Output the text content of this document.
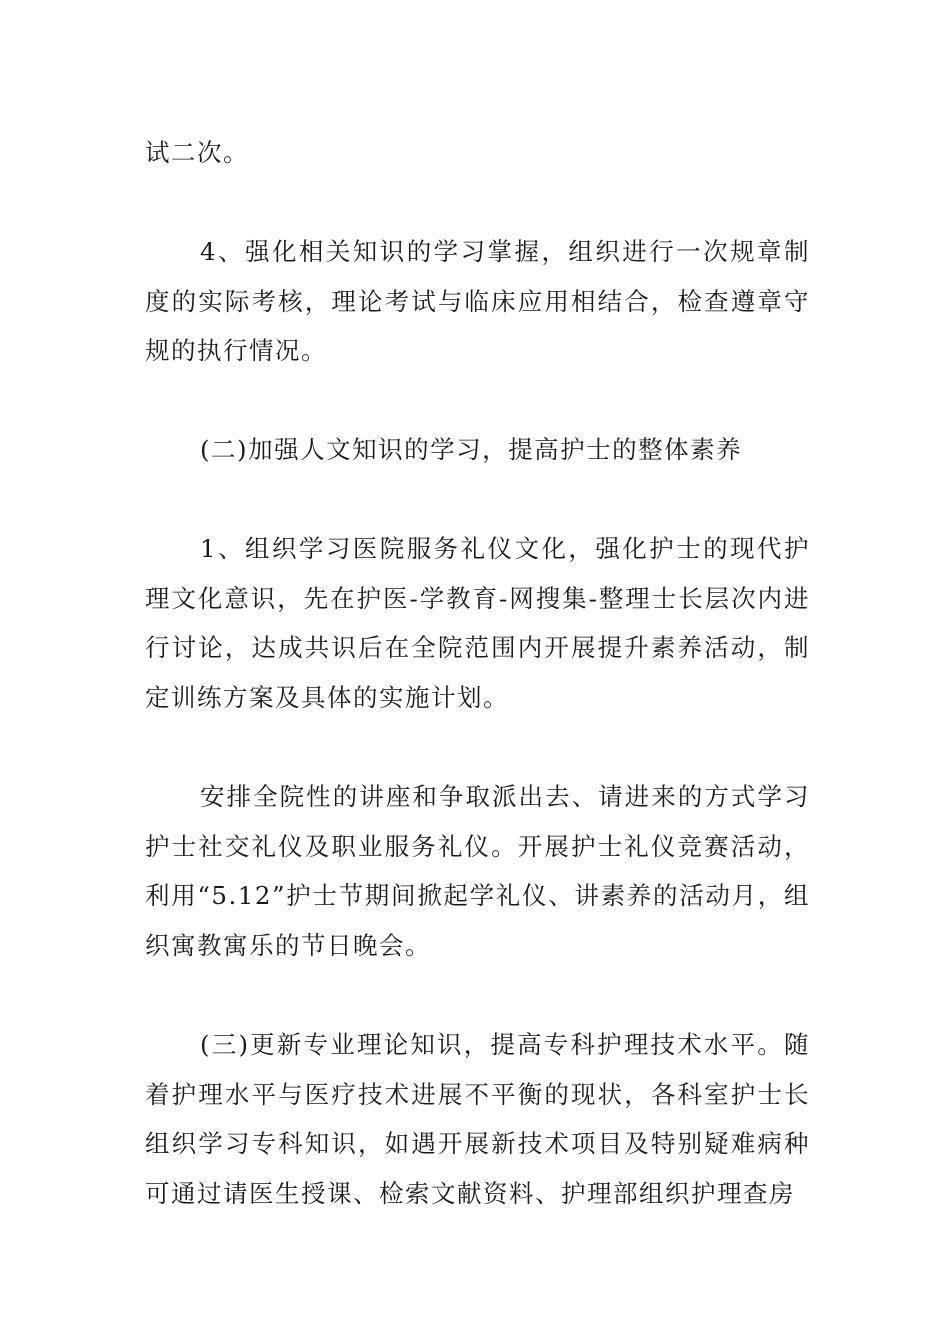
试二次。

4、强化相关知识的学习掌握，组织进行一次规章制度的实际考核，理论考试与临床应用相结合，检查遵章守规的执行情况。

(二)加强人文知识的学习，提高护士的整体素养

1、组织学习医院服务礼仪文化，强化护士的现代护理文化意识，先在护医-学教育-网搜集-整理士长层次内进行讨论，达成共识后在全院范围内开展提升素养活动，制定训练方案及具体的实施计划。

安排全院性的讲座和争取派出去、请进来的方式学习护士社交礼仪及职业服务礼仪。开展护士礼仪竞赛活动，利用“5.12”护士节期间掀起学礼仪、讲素养的活动月，组织寓教寓乐的节日晚会。

(三)更新专业理论知识，提高专科护理技术水平。随着护理水平与医疗技术进展不平衡的现状，各科室护士长组织学习专科知识，如遇开展新技术项目及特别疑难病种可通过请医生授课、检索文献资料、护理部组织护理查房
